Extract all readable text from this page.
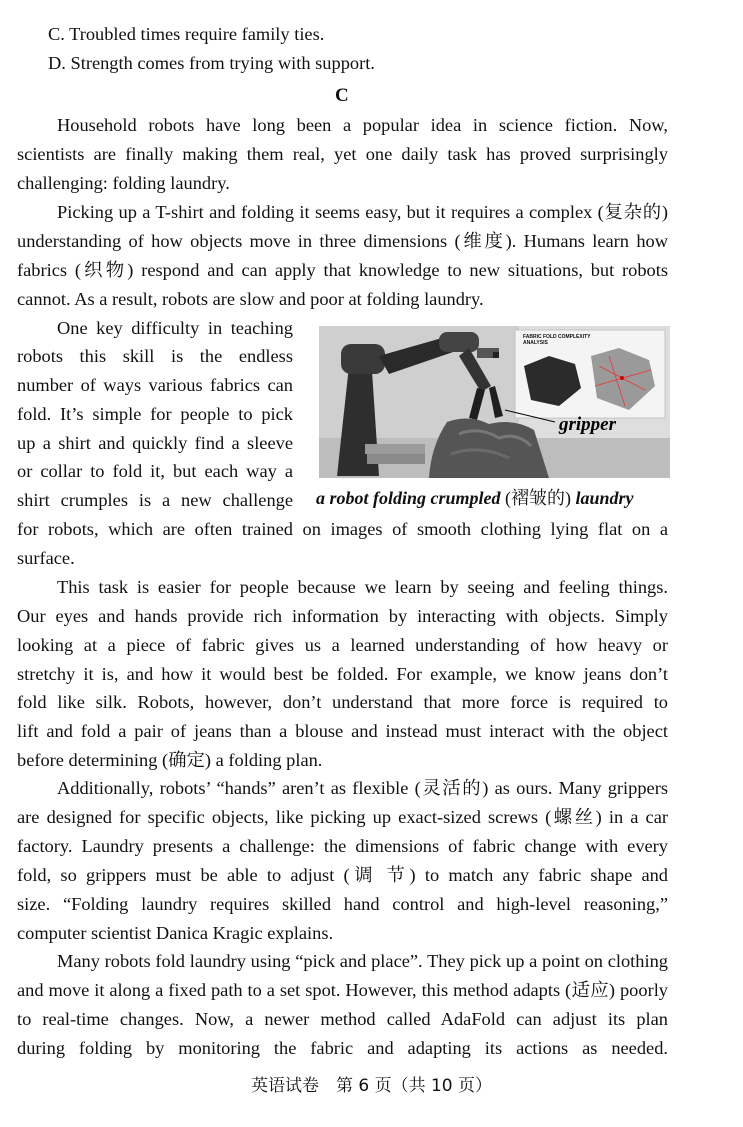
C. Troubled times require family ties.
D. Strength comes from trying with support.
C
Household robots have long been a popular idea in science fiction. Now,
scientists are finally making them real, yet one daily task has proved surprisingly
challenging: folding laundry.
Picking up a T-shirt and folding it seems easy, but it requires a complex (复杂的)
understanding of how objects move in three dimensions (维度). Humans learn how
fabrics (织物) respond and can apply that knowledge to new situations, but robots
cannot. As a result, robots are slow and poor at folding laundry.
One key difficulty in teaching
robots this skill is the endless
number of ways various fabrics can
fold. It’s simple for people to pick
up a shirt and quickly find a sleeve
or collar to fold it, but each way a
shirt crumples is a new challenge
for robots, which are often trained on images of smooth clothing lying flat on a
surface.
FABRIC FOLD COMPLEXITY
ANALYSIS
gripper
a robot folding crumpled (褶皱的) laundry
This task is easier for people because we learn by seeing and feeling things.
Our eyes and hands provide rich information by interacting with objects. Simply
looking at a piece of fabric gives us a learned understanding of how heavy or
stretchy it is, and how it would best be folded. For example, we know jeans don’t
fold like silk. Robots, however, don’t understand that more force is required to
lift and fold a pair of jeans than a blouse and instead must interact with the object
before determining (确定) a folding plan.
Additionally, robots’ “hands” aren’t as flexible (灵活的) as ours. Many grippers
are designed for specific objects, like picking up exact-sized screws (螺丝) in a car
factory. Laundry presents a challenge: the dimensions of fabric change with every
fold, so grippers must be able to adjust (调 节) to match any fabric shape and
size. “Folding laundry requires skilled hand control and high-level reasoning,”
computer scientist Danica Kragic explains.
Many robots fold laundry using “pick and place”. They pick up a point on clothing
and move it along a fixed path to a set spot. However, this method adapts (适应) poorly
to real-time changes. Now, a newer method called AdaFold can adjust its plan
during folding by monitoring the fabric and adapting its actions as needed.
英语试卷　第 6 页（共 10 页）
